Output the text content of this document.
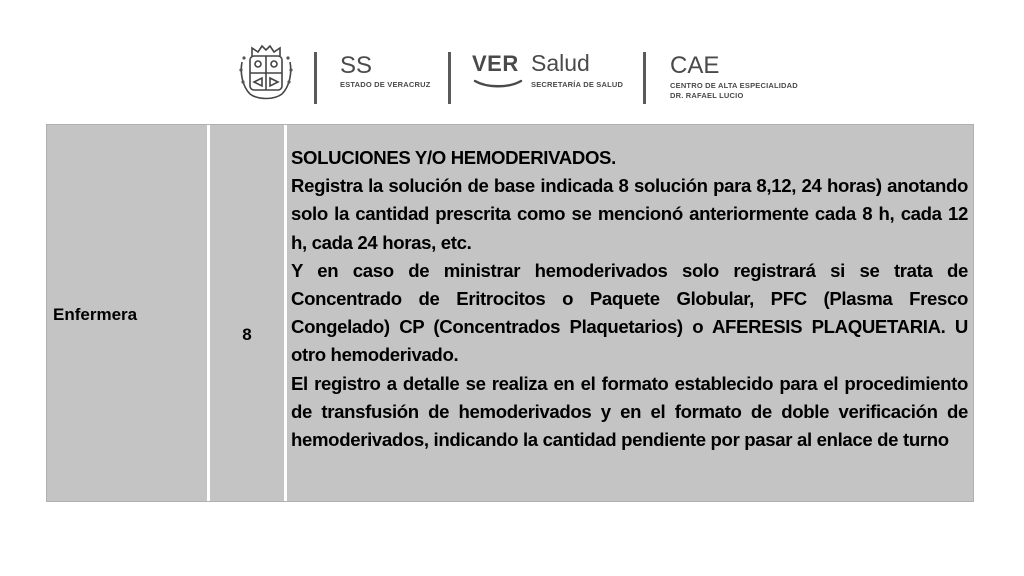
SS
ESTADO DE VERACRUZ
VER Salud
SECRETARÍA DE SALUD
CAE
CENTRO DE ALTA ESPECIALIDAD
DR. RAFAEL LUCIO
Enfermera
8

SOLUCIONES Y/O HEMODERIVADOS.

Registra la solución de base indicada 8 solución para 8,12, 24 horas) anotando solo la cantidad prescrita como se mencionó anteriormente cada 8 h, cada 12 h, cada 24 horas, etc.

Y en caso de ministrar hemoderivados solo registrará si se trata de Concentrado de Eritrocitos o Paquete Globular, PFC (Plasma Fresco Congelado) CP (Concentrados Plaquetarios) o AFERESIS PLAQUETARIA. U otro hemoderivado.

El registro a detalle se realiza en el formato establecido para el procedimiento de transfusión de hemoderivados y en el formato de doble verificación de hemoderivados, indicando la cantidad pendiente por pasar al enlace de turno
